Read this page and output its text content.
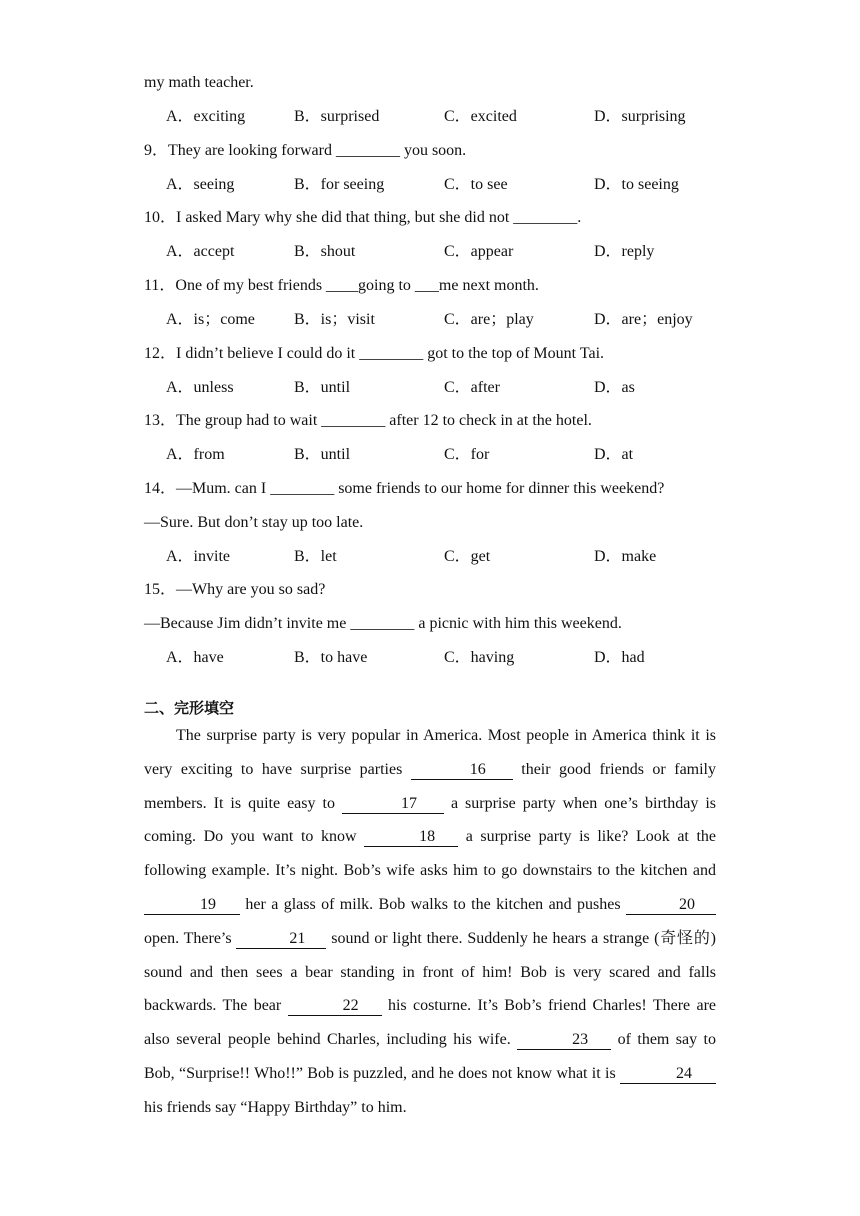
my math teacher.
A．exciting	B．surprised	C．excited	D．surprising
9．They are looking forward ________ you soon.
A．seeing	B．for seeing	C．to see	D．to seeing
10．I asked Mary why she did that thing, but she did not ________.
A．accept	B．shout	C．appear	D．reply
11．One of my best friends ____going to ___me next month.
A．is；come B．is；visit	C．are；play	D．are；enjoy
12．I didn’t believe I could do it ________ got to the top of Mount Tai.
A．unless	B．until	C．after	D．as
13．The group had to wait ________ after 12 to check in at the hotel.
A．from	B．until	C．for	D．at
14．—Mum. can I ________ some friends to our home for dinner this weekend?
—Sure. But don’t stay up too late.
A．invite	B．let	C．get	D．make
15．—Why are you so sad?
—Because Jim didn’t invite me ________ a picnic with him this weekend.
A．have	B．to have	C．having	D．had
二、完形填空
The surprise party is very popular in America. Most people in America think it is very exciting to have surprise parties	16 their good friends or family members. It is quite easy to	17 a surprise party when one’s birthday is coming. Do you want to know	18 a surprise party is like? Look at the following example. It’s night. Bob’s wife asks him to go downstairs to the kitchen and 19 her a glass of milk. Bob walks to the kitchen and pushes	20 open. There’s	21 sound or light there. Suddenly he hears a strange (奇怪的) sound and then sees a bear standing in front of him! Bob is very scared and falls backwards. The bear	22 his costurne. It’s Bob’s friend Charles! There are also several people behind Charles, including his wife.	23 of them say to Bob, “Surprise!! Who!!” Bob is puzzled, and he does not know what it is	24 his friends say “Happy Birthday” to him.
